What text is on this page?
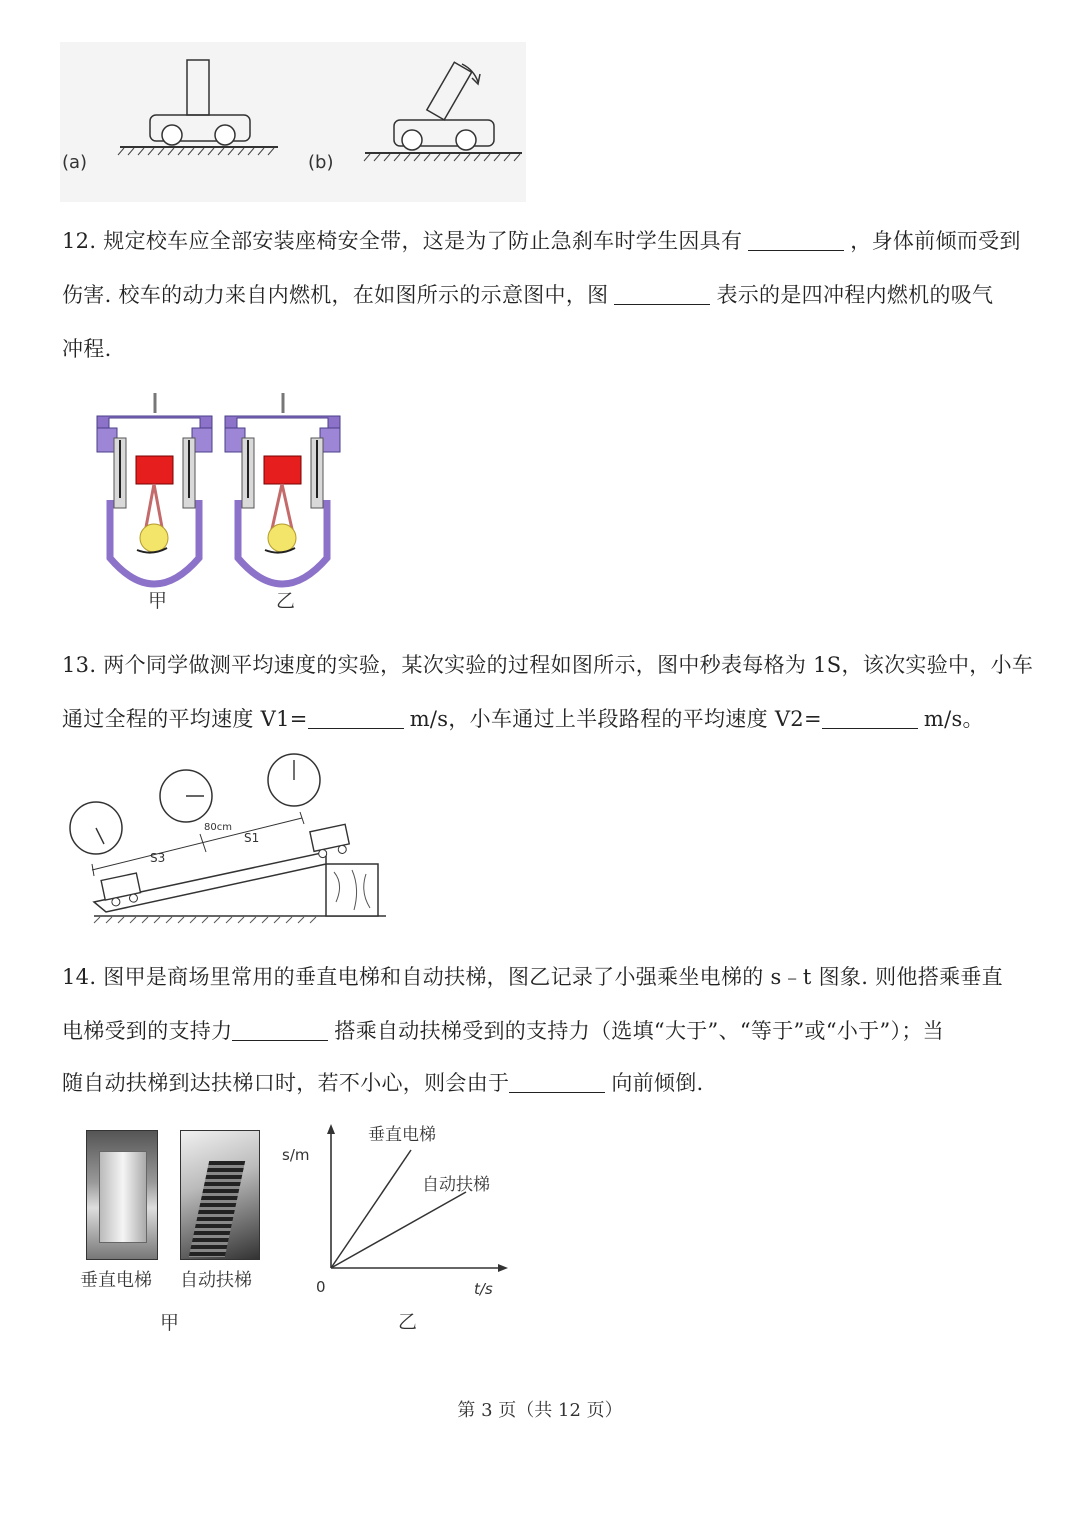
(a)	(b)
12. 规定校车应全部安装座椅安全带，这是为了防止急刹车时学生因具有	，身体前倾而受到
伤害. 校车的动力来自内燃机，在如图所示的示意图中，图	表示的是四冲程内燃机的吸气
冲程.
甲	乙
13. 两个同学做测平均速度的实验，某次实验的过程如图所示，图中秒表每格为 1S，该次实验中，小车
通过全程的平均速度 V1=	m/s，小车通过上半段路程的平均速度 V2=	m/s。
80cm
S3
S1
14. 图甲是商场里常用的垂直电梯和自动扶梯，图乙记录了小强乘坐电梯的 s﹣t 图象. 则他搭乘垂直
电梯受到的支持力	搭乘自动扶梯受到的支持力（选填“大于”、“等于”或“小于”）；当
随自动扶梯到达扶梯口时，若不小心，则会由于	向前倾倒.
垂直电梯 自动扶梯
甲
s/m
t/s
0
垂直电梯
自动扶梯
乙
第 3 页（共 12 页）
